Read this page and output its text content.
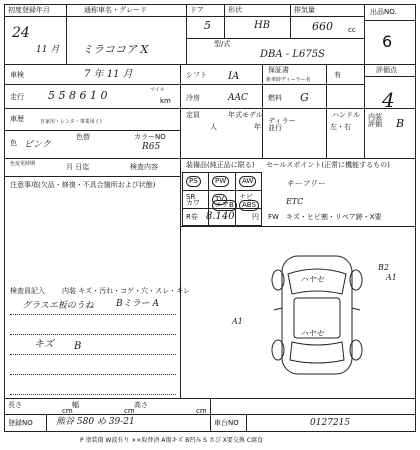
初度登録年月
24
11 月
通称車名・グレード
ミラココア X
ドア
5
形状
HB
排気量
660 cc
型/式
DBA - L675S
出品NO.
6
車検	7 年 11 月	シフト IA
保証書
新車時ディーラー名
有
評価点
4
走行 5 5 8 6 1 0	km
マイル
冷房	AAC	燃料 G
車歴	自家用・レンタ・事業用 ( )
定員
人
年式モデル
年
ディラー並行
ハンドル
左・右
内装評価	B
色 ピンク
色替	カラーNO
R65
色変更時期	月 日迄	検査内容
注意事項(欠品・修復・不具合箇所および状態)
装備品(純正品に限る)
PS	PW	AW
SR	TV	ナビ
カワ	エアB	ABS
R券 8.140 円
セールスポイント(正常に機能するもの)
キーフリー
ETC
FW キズ・ヒビ割・リペア跡・X要
検査員記入 内装 キズ・汚れ・コゲ・穴・スレ・キレ
グラスエ板のうね Bミラー A
キズ B
ハヤセ
ハヤセ
A1
B2
A1
長さ
cm
幅
cm
高さ
cm
登録NO	熊谷 580 め 39-21	車台NO	0127215
P 塗装傷 W波有り ××取替済 A傷キズ B凹み S さび X要交換 C腐食
